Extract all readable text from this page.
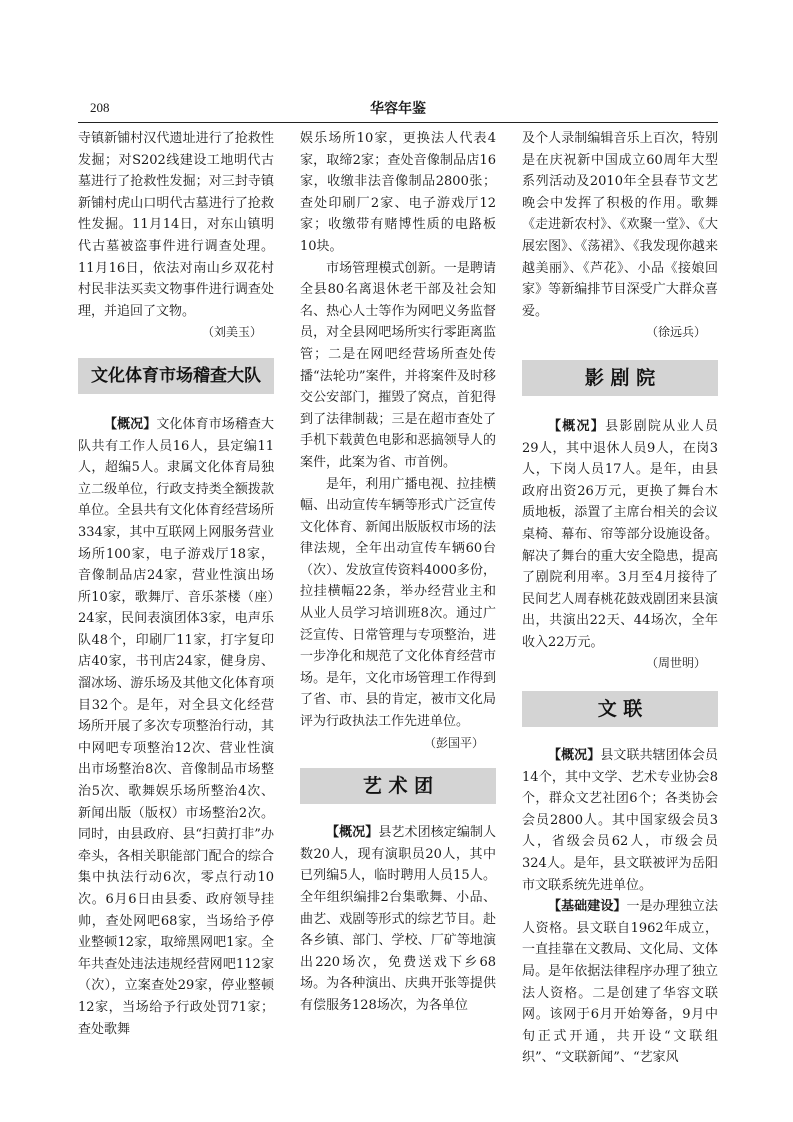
208	华容年鉴

寺镇新铺村汉代遗址进行了抢救性发掘；对S202线建设工地明代古墓进行了抢救性发掘；对三封寺镇新铺村虎山口明代古墓进行了抢救性发掘。11月14日，对东山镇明代古墓被盗事件进行调查处理。11月16日，依法对南山乡双花村村民非法买卖文物事件进行调查处理，并追回了文物。

（刘美玉）
文化体育市场稽查大队

【概况】文化体育市场稽查大队共有工作人员16人，县定编11人，超编5人。隶属文化体育局独立二级单位，行政支持类全额拨款单位。全县共有文化体育经营场所334家，其中互联网上网服务营业场所100家，电子游戏厅18家，音像制品店24家，营业性演出场所10家，歌舞厅、音乐茶楼（座）24家，民间表演团体3家，电声乐队48个，印刷厂11家，打字复印店40家，书刊店24家，健身房、溜冰场、游乐场及其他文化体育项目32个。是年，对全县文化经营场所开展了多次专项整治行动，其中网吧专项整治12次、营业性演出市场整治8次、音像制品市场整治5次、歌舞娱乐场所整治4次、新闻出版（版权）市场整治2次。同时，由县政府、县“扫黄打非”办牵头，各相关职能部门配合的综合集中执法行动6次，零点行动10次。6月6日由县委、政府领导挂帅，查处网吧68家，当场给予停业整顿12家，取缔黑网吧1家。全年共查处违法违规经营网吧112家（次），立案查处29家，停业整顿12家，当场给予行政处罚71家；查处歌舞

娱乐场所10家，更换法人代表4家，取缔2家；查处音像制品店16家，收缴非法音像制品2800张；查处印刷厂2家、电子游戏厅12家；收缴带有赌博性质的电路板10块。

市场管理模式创新。一是聘请全县80名离退休老干部及社会知名、热心人士等作为网吧义务监督员，对全县网吧场所实行零距离监管；二是在网吧经营场所查处传播“法轮功”案件，并将案件及时移交公安部门，摧毁了窝点，首犯得到了法律制裁；三是在超市查处了手机下载黄色电影和恶搞领导人的案件，此案为省、市首例。

是年，利用广播电视、拉挂横幅、出动宣传车辆等形式广泛宣传文化体育、新闻出版版权市场的法律法规，全年出动宣传车辆60台（次）、发放宣传资料4000多份，拉挂横幅22条，举办经营业主和从业人员学习培训班8次。通过广泛宣传、日常管理与专项整治，进一步净化和规范了文化体育经营市场。是年，文化市场管理工作得到了省、市、县的肯定，被市文化局评为行政执法工作先进单位。

（彭国平）
艺 术 团

【概况】县艺术团核定编制人数20人，现有演职员20人，其中已列编5人，临时聘用人员15人。全年组织编排2台集歌舞、小品、曲艺、戏剧等形式的综艺节目。赴各乡镇、部门、学校、厂矿等地演出220场次，免费送戏下乡68场。为各种演出、庆典开张等提供有偿服务128场次，为各单位

及个人录制编辑音乐上百次，特别是在庆祝新中国成立60周年大型系列活动及2010年全县春节文艺晚会中发挥了积极的作用。歌舞《走进新农村》、《欢聚一堂》、《大展宏图》、《荡裙》、《我发现你越来越美丽》、《芦花》、小品《接娘回家》等新编排节目深受广大群众喜爱。

（徐远兵）
影 剧 院

【概况】县影剧院从业人员29人，其中退休人员9人，在岗3人，下岗人员17人。是年，由县政府出资26万元，更换了舞台木质地板，添置了主席台相关的会议桌椅、幕布、帘等部分设施设备。解决了舞台的重大安全隐患，提高了剧院利用率。3月至4月接待了民间艺人周春桃花鼓戏剧团来县演出，共演出22天、44场次，全年收入22万元。

（周世明）
文 联

【概况】县文联共辖团体会员14个，其中文学、艺术专业协会8个，群众文艺社团6个；各类协会会员2800人。其中国家级会员3人，省级会员62人，市级会员324人。是年，县文联被评为岳阳市文联系统先进单位。

【基础建设】一是办理独立法人资格。县文联自1962年成立，一直挂靠在文教局、文化局、文体局。是年依据法律程序办理了独立法人资格。二是创建了华容文联网。该网于6月开始筹备，9月中旬正式开通，共开设“文联组织”、“文联新闻”、“艺家风
